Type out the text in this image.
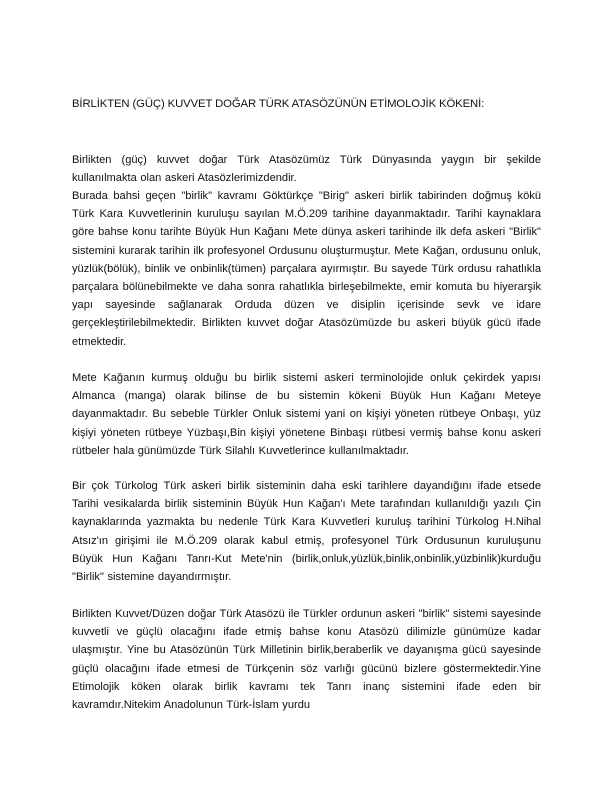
BİRLİKTEN (GÜÇ) KUVVET DOĞAR TÜRK ATASÖZÜNÜN ETİMOLOJİK KÖKENİ:

Birlikten (güç) kuvvet doğar Türk Atasözümüz Türk Dünyasında yaygın bir şekilde kullanılmakta olan askeri Atasözlerimizdendir.

Burada bahsi geçen "birlik" kavramı Göktürkçe "Birig" askeri birlik tabirinden doğmuş kökü Türk Kara Kuvvetlerinin kuruluşu sayılan M.Ö.209 tarihine dayanmaktadır. Tarihi kaynaklara göre bahse konu tarihte Büyük Hun Kağanı Mete dünya askeri tarihinde ilk defa askeri "Birlik" sistemini kurarak tarihin ilk profesyonel Ordusunu oluşturmuştur. Mete Kağan, ordusunu onluk, yüzlük(bölük), binlik ve onbinlik(tümen) parçalara ayırmıştır. Bu sayede Türk ordusu rahatlıkla parçalara bölünebilmekte ve daha sonra rahatlıkla birleşebilmekte, emir komuta bu hiyerarşik yapı sayesinde sağlanarak Orduda düzen ve disiplin içerisinde sevk ve idare gerçekleştirilebilmektedir. Birlikten kuvvet doğar Atasözümüzde bu askeri büyük gücü ifade etmektedir.

Mete Kağanın kurmuş olduğu bu birlik sistemi askeri terminolojide onluk çekirdek yapısı Almanca (manga) olarak bilinse de bu sistemin kökeni Büyük Hun Kağanı Meteye dayanmaktadır. Bu sebeble Türkler Onluk sistemi yani on kişiyi yöneten rütbeye Onbaşı, yüz kişiyi yöneten rütbeye Yüzbaşı,Bin kişiyi yönetene Binbaşı rütbesi vermiş bahse konu askeri rütbeler hala günümüzde Türk Silahlı Kuvvetlerince kullanılmaktadır.

Bir çok Türkolog Türk askeri birlik sisteminin daha eski tarihlere dayandığını ifade etsede Tarihi vesikalarda birlik sisteminin Büyük Hun Kağan'ı Mete tarafından kullanıldığı yazılı Çin kaynaklarında yazmakta bu nedenle Türk Kara Kuvvetleri kuruluş tarihini Türkolog H.Nihal Atsız'ın girişimi ile M.Ö.209 olarak kabul etmiş, profesyonel Türk Ordusunun kuruluşunu Büyük Hun Kağanı Tanrı-Kut Mete'nin (birlik,onluk,yüzlük,binlik,onbinlik,yüzbinlik)kurduğu "Birlik" sistemine dayandırmıştır.

Birlikten Kuvvet/Düzen doğar Türk Atasözü ile Türkler ordunun askeri "birlik" sistemi sayesinde kuvvetli ve güçlü olacağını ifade etmiş bahse konu Atasözü dilimizle günümüze kadar ulaşmıştır. Yine bu Atasözünün Türk Milletinin birlik,beraberlik ve dayanışma gücü sayesinde güçlü olacağını ifade etmesi de Türkçenin söz varlığı gücünü bizlere göstermektedir.Yine Etimolojik köken olarak birlik kavramı tek Tanrı inanç sistemini ifade eden bir kavramdır.Nitekim Anadolunun Türk-İslam yurdu
